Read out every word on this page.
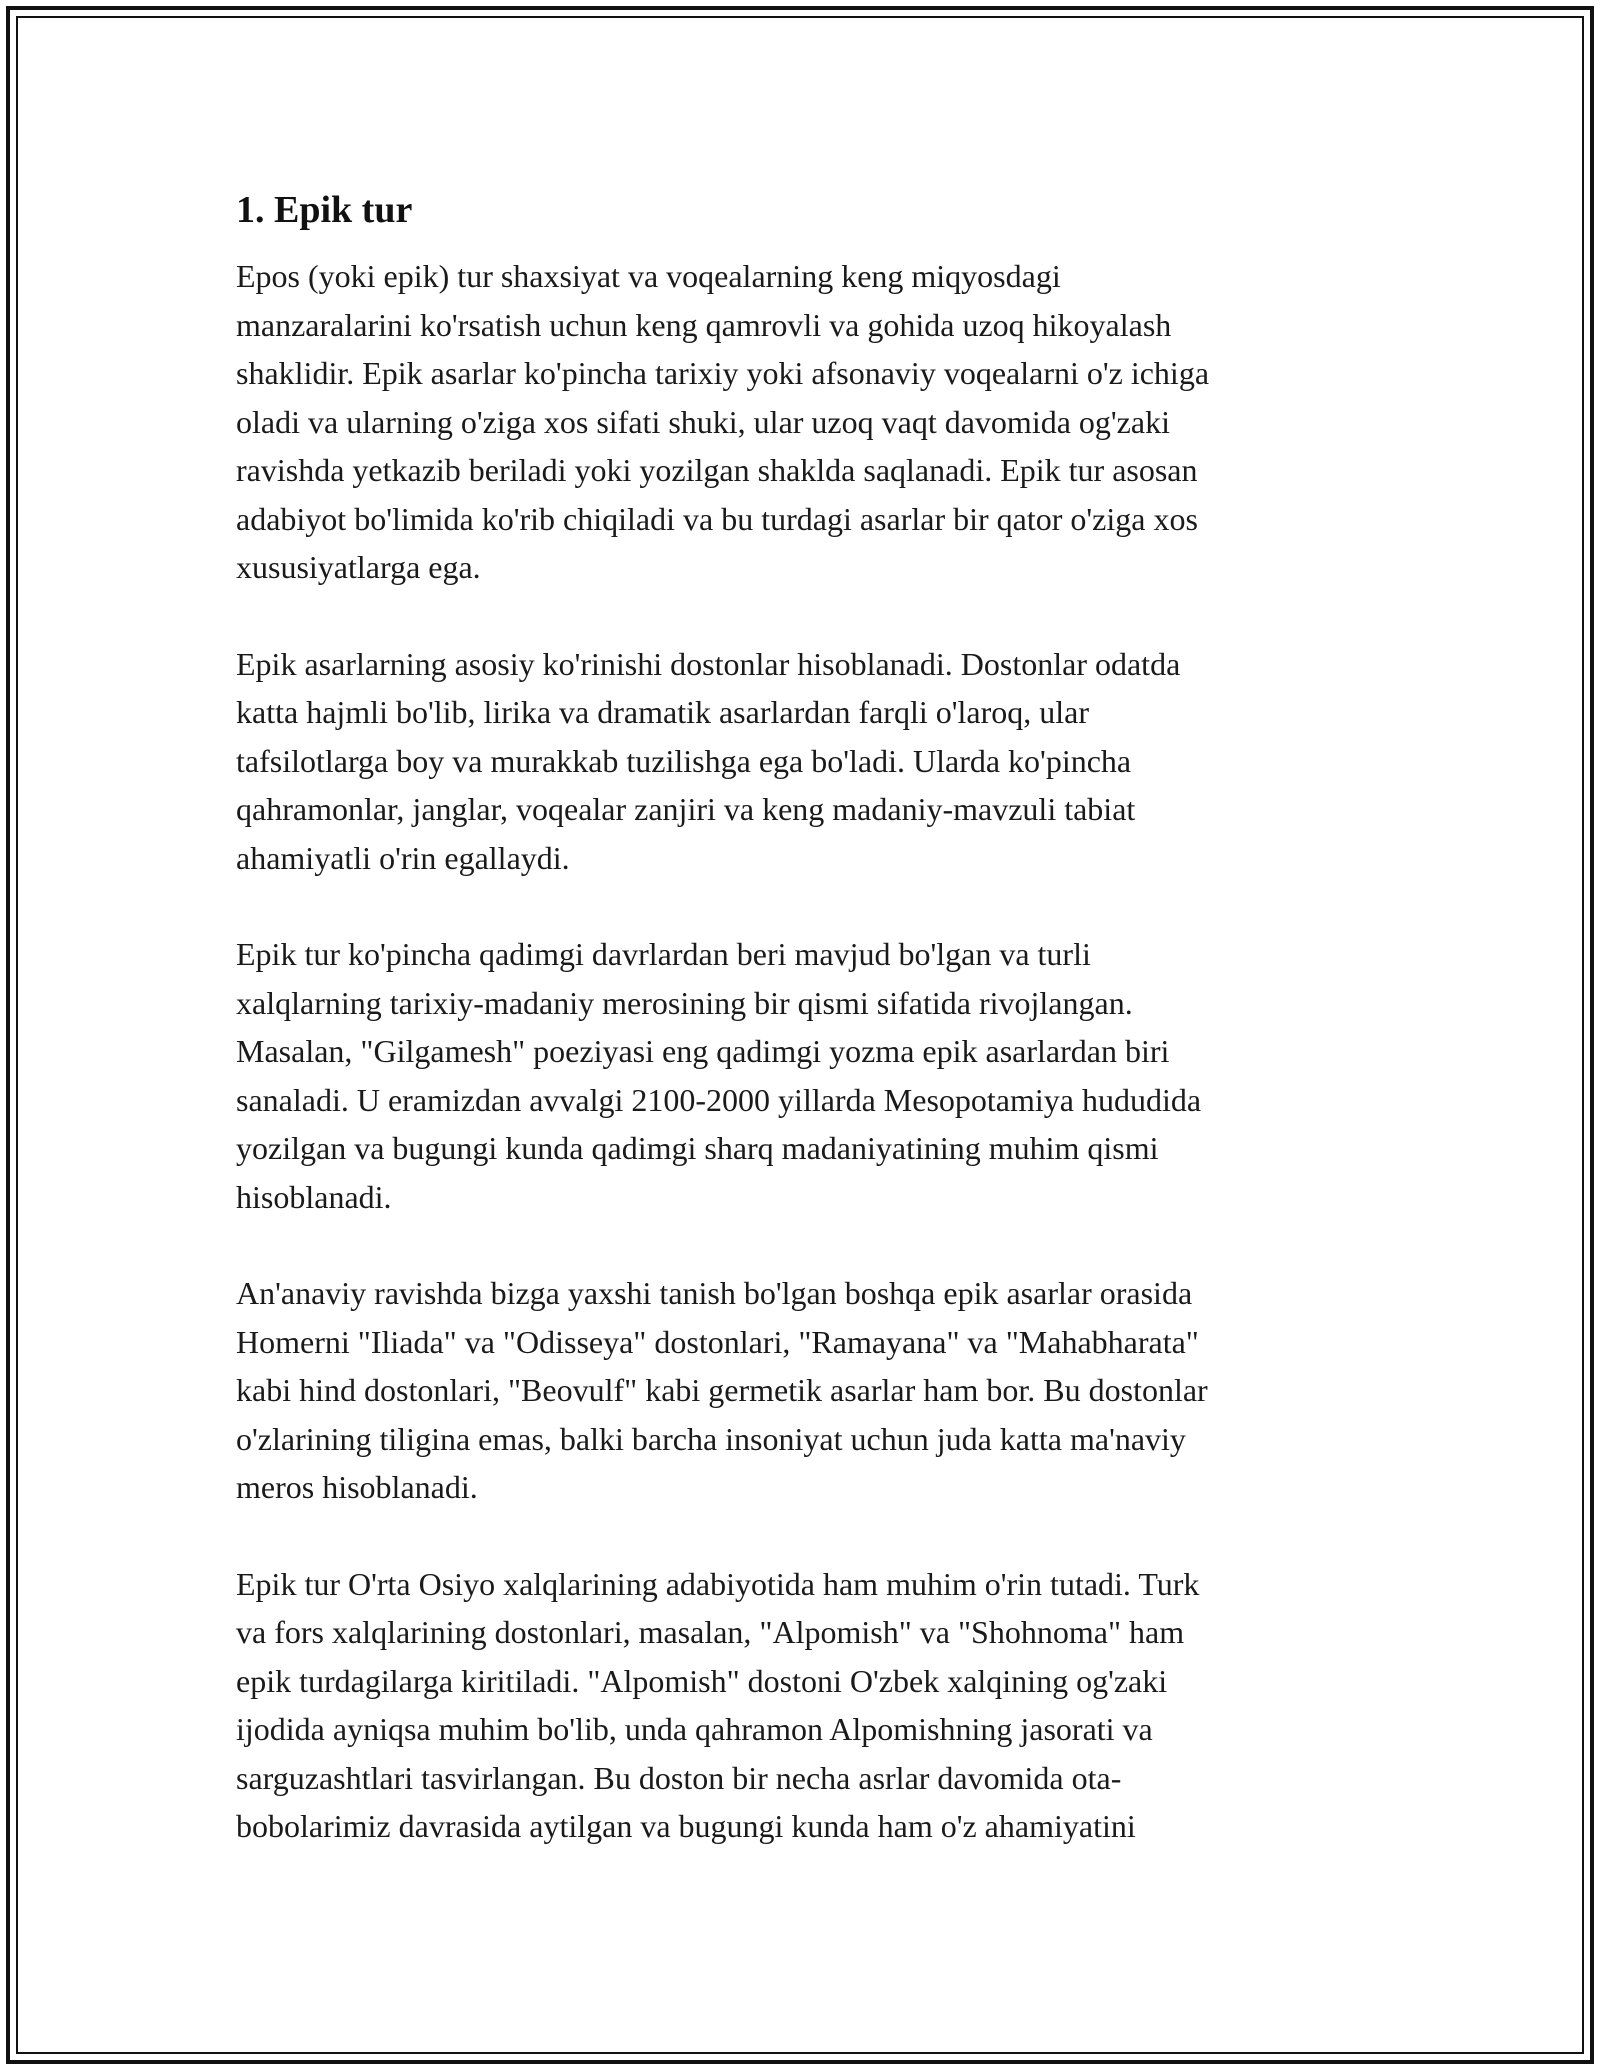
1. Epik tur
Epos (yoki epik) tur shaxsiyat va voqealarning keng miqyosdagi
manzaralarini ko'rsatish uchun keng qamrovli va gohida uzoq hikoyalash
shaklidir. Epik asarlar ko'pincha tarixiy yoki afsonaviy voqealarni o'z ichiga
oladi va ularning o'ziga xos sifati shuki, ular uzoq vaqt davomida og'zaki
ravishda yetkazib beriladi yoki yozilgan shaklda saqlanadi. Epik tur asosan
adabiyot bo'limida ko'rib chiqiladi va bu turdagi asarlar bir qator o'ziga xos
xususiyatlarga ega.
Epik asarlarning asosiy ko'rinishi dostonlar hisoblanadi. Dostonlar odatda
katta hajmli bo'lib, lirika va dramatik asarlardan farqli o'laroq, ular
tafsilotlarga boy va murakkab tuzilishga ega bo'ladi. Ularda ko'pincha
qahramonlar, janglar, voqealar zanjiri va keng madaniy-mavzuli tabiat
ahamiyatli o'rin egallaydi.
Epik tur ko'pincha qadimgi davrlardan beri mavjud bo'lgan va turli
xalqlarning tarixiy-madaniy merosining bir qismi sifatida rivojlangan.
Masalan, "Gilgamesh" poeziyasi eng qadimgi yozma epik asarlardan biri
sanaladi. U eramizdan avvalgi 2100-2000 yillarda Mesopotamiya hududida
yozilgan va bugungi kunda qadimgi sharq madaniyatining muhim qismi
hisoblanadi.
An'anaviy ravishda bizga yaxshi tanish bo'lgan boshqa epik asarlar orasida
Homerni "Iliada" va "Odisseya" dostonlari, "Ramayana" va "Mahabharata"
kabi hind dostonlari, "Beovulf" kabi germetik asarlar ham bor. Bu dostonlar
o'zlarining tiligina emas, balki barcha insoniyat uchun juda katta ma'naviy
meros hisoblanadi.
Epik tur O'rta Osiyo xalqlarining adabiyotida ham muhim o'rin tutadi. Turk
va fors xalqlarining dostonlari, masalan, "Alpomish" va "Shohnoma" ham
epik turdagilarga kiritiladi. "Alpomish" dostoni O'zbek xalqining og'zaki
ijodida ayniqsa muhim bo'lib, unda qahramon Alpomishning jasorati va
sarguzashtlari tasvirlangan. Bu doston bir necha asrlar davomida ota-
bobolarimiz davrasida aytilgan va bugungi kunda ham o'z ahamiyatini
